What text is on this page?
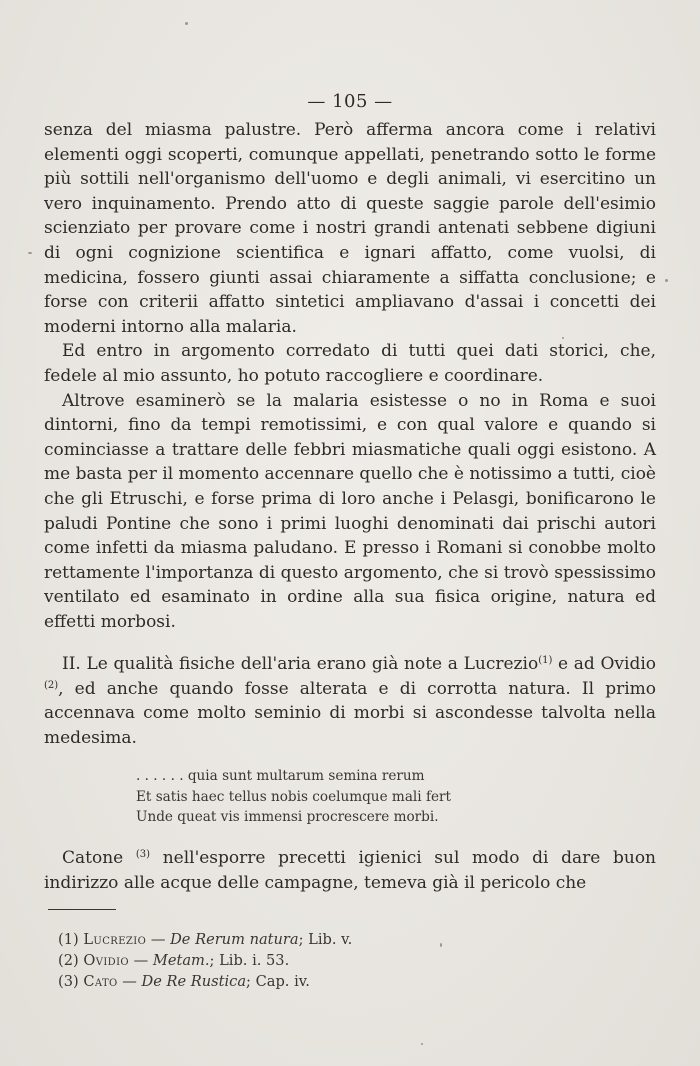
— 105 —

senza del miasma palustre. Però afferma ancora come i relativi elementi oggi scoperti, comunque appellati, penetrando sotto le forme più sottili nell'organismo dell'uomo e degli animali, vi esercitino un vero inquinamento. Prendo atto di queste saggie parole dell'esimio scienziato per provare come i nostri grandi antenati sebbene digiuni di ogni cognizione scientifica e ignari affatto, come vuolsi, di medicina, fossero giunti assai chiaramente a siffatta conclusione; e forse con criterii affatto sintetici ampliavano d'assai i concetti dei moderni intorno alla malaria.

Ed entro in argomento corredato di tutti quei dati storici, che, fedele al mio assunto, ho potuto raccogliere e coordinare.

Altrove esaminerò se la malaria esistesse o no in Roma e suoi dintorni, fino da tempi remotissimi, e con qual valore e quando si cominciasse a trattare delle febbri miasmatiche quali oggi esistono. A me basta per il momento accennare quello che è notissimo a tutti, cioè che gli Etruschi, e forse prima di loro anche i Pelasgi, bonificarono le paludi Pontine che sono i primi luoghi denominati dai prischi autori come infetti da miasma paludano. E presso i Romani si conobbe molto rettamente l'importanza di questo argomento, che si trovò spessissimo ventilato ed esaminato in ordine alla sua fisica origine, natura ed effetti morbosi.

II. Le qualità fisiche dell'aria erano già note a Lucrezio$^{(1)}$ e ad Ovidio $^{(2)}$, ed anche quando fosse alterata e di corrotta natura. Il primo accennava come molto seminio di morbi si ascondesse talvolta nella medesima.

. . . . . . quia sunt multarum semina rerum
Et satis haec tellus nobis coelumque mali fert
Unde queat vis immensi procrescere morbi.

Catone $^{(3)}$ nell'esporre precetti igienici sul modo di dare buon indirizzo alle acque delle campagne, temeva già il pericolo che

(1) Lucrezio — De Rerum natura; Lib. v.
(2) Ovidio — Metam.; Lib. i. 53.
(3) Cato — De Re Rustica; Cap. iv.
